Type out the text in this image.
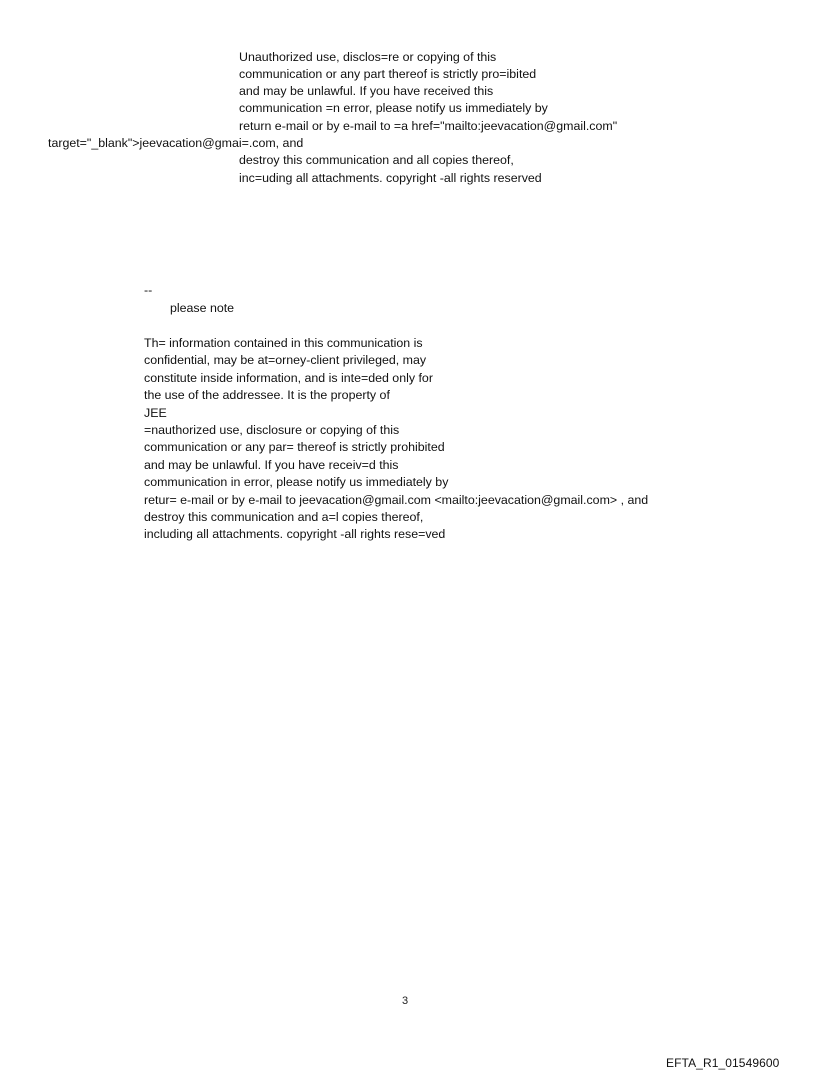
Unauthorized use, disclos=re or copying of this
communication or any part thereof is strictly pro=ibited
and may be unlawful. If you have received this
communication =n error, please notify us immediately by
return e-mail or by e-mail to =a href="mailto:jeevacation@gmail.com"
target="_blank">jeevacation@gmai=.com, and
destroy this communication and all copies thereof,
inc=uding all attachments. copyright -all rights reserved
--
please note
Th= information contained in this communication is
confidential, may be at=orney-client privileged, may
constitute inside information, and is inte=ded only for
the use of the addressee. It is the property of
JEE
=nauthorized use, disclosure or copying of this
communication or any par= thereof is strictly prohibited
and may be unlawful. If you have receiv=d this
communication in error, please notify us immediately by
retur= e-mail or by e-mail to jeevacation@gmail.com <mailto:jeevacation@gmail.com> , and
destroy this communication and a=l copies thereof,
including all attachments. copyright -all rights rese=ved
3
EFTA_R1_01549600
